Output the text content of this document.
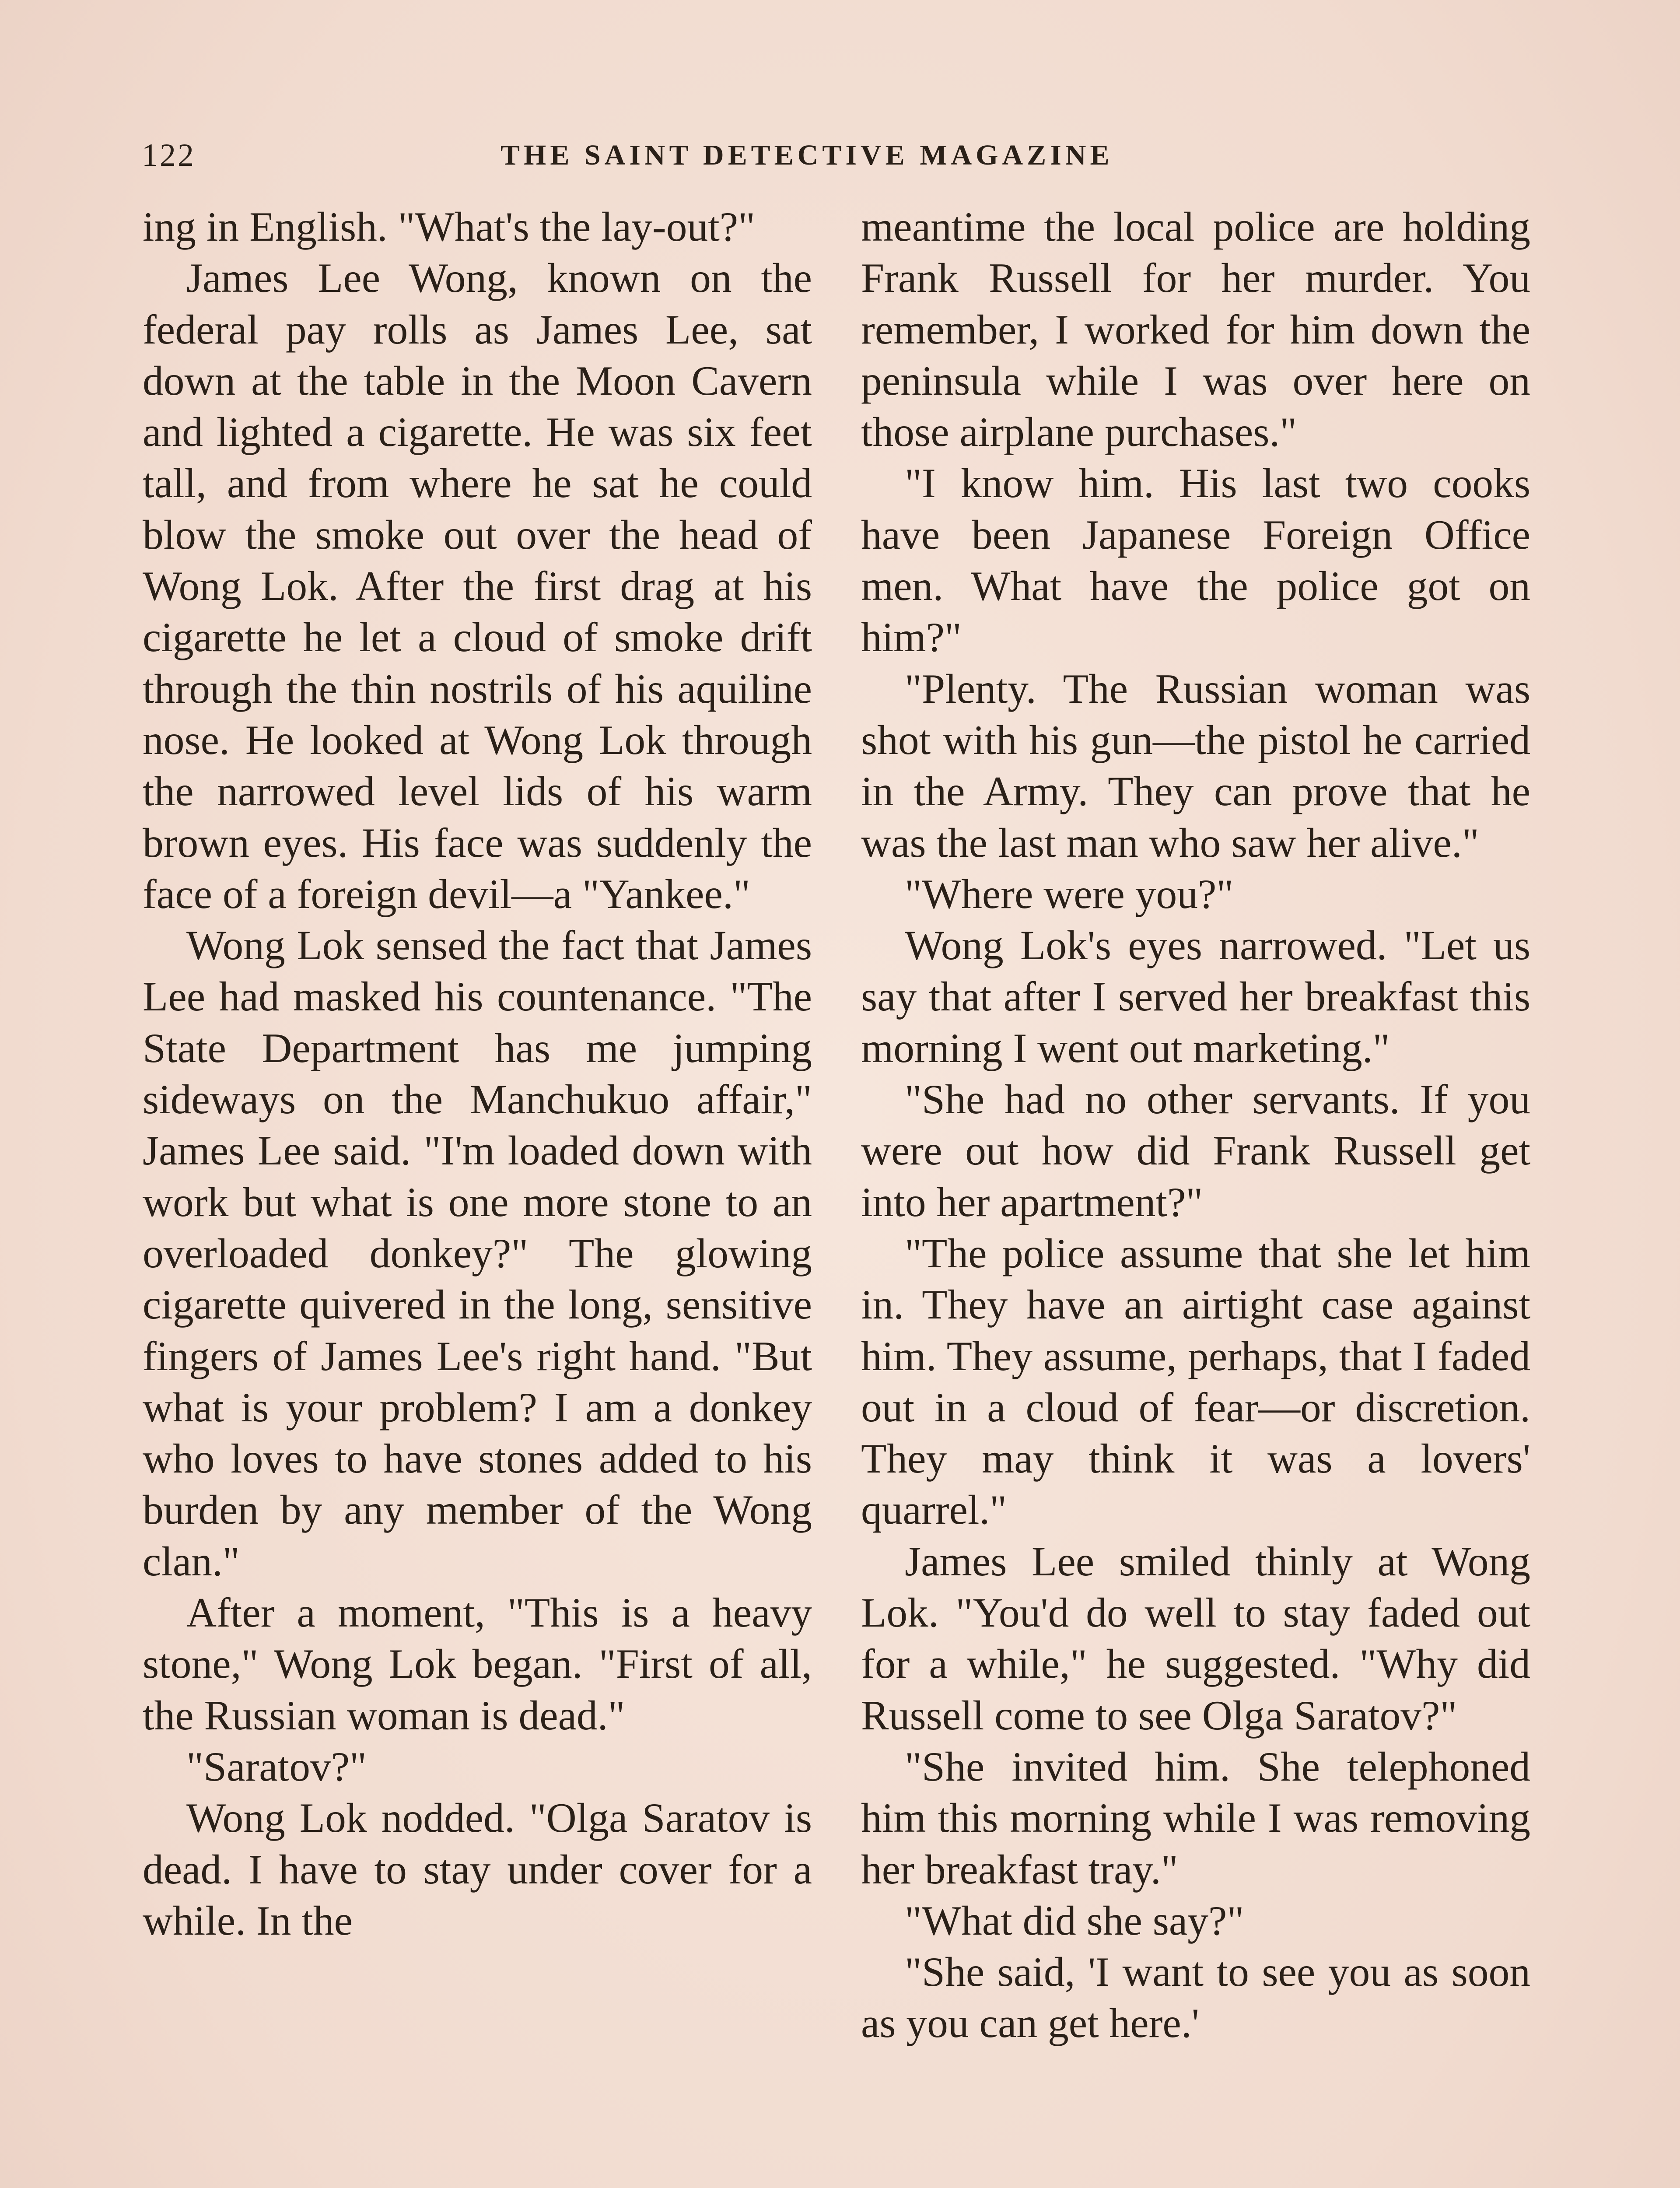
122	THE SAINT DETECTIVE MAGAZINE

ing in English. "What's the lay-out?"

James Lee Wong, known on the federal pay rolls as James Lee, sat down at the table in the Moon Cavern and lighted a cigarette. He was six feet tall, and from where he sat he could blow the smoke out over the head of Wong Lok. After the first drag at his cigarette he let a cloud of smoke drift through the thin nostrils of his aquiline nose. He looked at Wong Lok through the narrowed level lids of his warm brown eyes. His face was suddenly the face of a foreign devil—a "Yankee."

Wong Lok sensed the fact that James Lee had masked his countenance. "The State Department has me jumping sideways on the Manchukuo affair," James Lee said. "I'm loaded down with work but what is one more stone to an overloaded donkey?" The glowing cigarette quivered in the long, sensitive fingers of James Lee's right hand. "But what is your problem? I am a donkey who loves to have stones added to his burden by any member of the Wong clan."

After a moment, "This is a heavy stone," Wong Lok began. "First of all, the Russian woman is dead."

"Saratov?"

Wong Lok nodded. "Olga Saratov is dead. I have to stay under cover for a while. In the

meantime the local police are holding Frank Russell for her murder. You remember, I worked for him down the peninsula while I was over here on those airplane purchases."

"I know him. His last two cooks have been Japanese Foreign Office men. What have the police got on him?"

"Plenty. The Russian woman was shot with his gun—the pistol he carried in the Army. They can prove that he was the last man who saw her alive."

"Where were you?"

Wong Lok's eyes narrowed. "Let us say that after I served her breakfast this morning I went out marketing."

"She had no other servants. If you were out how did Frank Russell get into her apartment?"

"The police assume that she let him in. They have an airtight case against him. They assume, perhaps, that I faded out in a cloud of fear—or discretion. They may think it was a lovers' quarrel."

James Lee smiled thinly at Wong Lok. "You'd do well to stay faded out for a while," he suggested. "Why did Russell come to see Olga Saratov?"

"She invited him. She telephoned him this morning while I was removing her breakfast tray."

"What did she say?"

"She said, 'I want to see you as soon as you can get here.'
